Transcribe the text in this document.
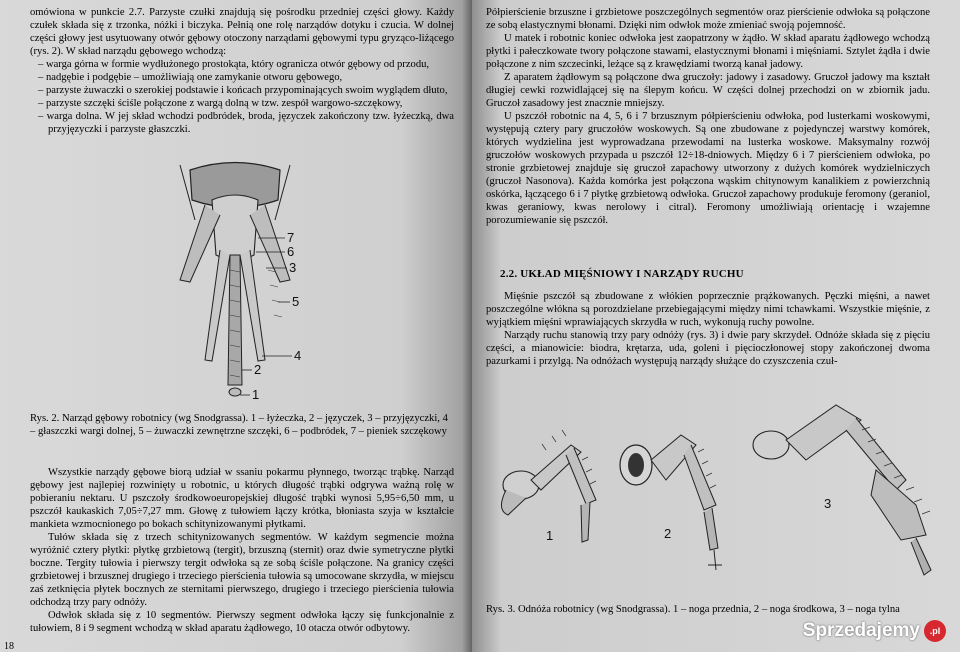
omówiona w punkcie 2.7. Parzyste czułki znajdują się pośrodku przedniej części głowy. Każdy czułek składa się z trzonka, nóżki i biczyka. Pełnią one rolę narządów dotyku i czucia. W dolnej części głowy jest usytuowany otwór gębowy otoczony narządami gębowymi typu gryząco-liżącego (rys. 2). W skład narządu gębowego wchodzą:

– warga górna w formie wydłużonego prostokąta, który ogranicza otwór gębowy od przodu,
– nadgębie i podgębie – umożliwiają one zamykanie otworu gębowego,
– parzyste żuwaczki o szerokiej podstawie i końcach przypominających swoim wyglądem dłuto,
– parzyste szczęki ściśle połączone z wargą dolną w tzw. zespół wargowo-szczękowy,
– warga dolna. W jej skład wchodzi podbródek, broda, języczek zakończony tzw. łyżeczką, dwa przyjęzyczki i parzyste głaszczki.
7
6
3
5
4
2
1
Rys. 2. Narząd gębowy robotnicy (wg Snodgrassa). 1 – łyżeczka, 2 – języczek, 3 – przyjęzyczki, 4 – głaszczki wargi dolnej, 5 – żuwaczki zewnętrzne szczęki, 6 – podbródek, 7 – pieniek szczękowy

Wszystkie narządy gębowe biorą udział w ssaniu pokarmu płynnego, tworząc trąbkę. Narząd gębowy jest najlepiej rozwinięty u robotnic, u których długość trąbki odgrywa ważną rolę w pobieraniu nektaru. U pszczoły środkowoeuropejskiej długość trąbki wynosi 5,95÷6,50 mm, u pszczół kaukaskich 7,05÷7,27 mm. Głowę z tułowiem łączy krótka, błoniasta szyja w kształcie mankieta wzmocnionego po bokach schitynizowanymi płytkami.

Tułów składa się z trzech schitynizowanych segmentów. W każdym segmencie można wyróżnić cztery płytki: płytkę grzbietową (tergit), brzuszną (sternit) oraz dwie symetryczne płytki boczne. Tergity tułowia i pierwszy tergit odwłoka są ze sobą ściśle połączone. Na granicy części grzbietowej i brzusznej drugiego i trzeciego pierścienia tułowia są umocowane skrzydła, w miejscu zaś zetknięcia płytek bocznych ze sternitami pierwszego, drugiego i trzeciego pierścienia tułowia odchodzą trzy pary odnóży.

Odwłok składa się z 10 segmentów. Pierwszy segment odwłoka łączy się funkcjonalnie z tułowiem, 8 i 9 segment wchodzą w skład aparatu żądłowego, 10 otacza otwór odbytowy.

18

Półpierścienie brzuszne i grzbietowe poszczególnych segmentów oraz pierścienie odwłoka są połączone ze sobą elastycznymi błonami. Dzięki nim odwłok może zmieniać swoją pojemność.

U matek i robotnic koniec odwłoka jest zaopatrzony w żądło. W skład aparatu żądłowego wchodzą płytki i pałeczkowate twory połączone stawami, elastycznymi błonami i mięśniami. Sztylet żądła i dwie połączone z nim szczecinki, leżące są z krawędziami tworzą kanał jadowy.

Z aparatem żądłowym są połączone dwa gruczoły: jadowy i zasadowy. Gruczoł jadowy ma kształt długiej cewki rozwidlającej się na ślepym końcu. W części dolnej przechodzi on w zbiornik jadu. Gruczoł zasadowy jest znacznie mniejszy.

U pszczół robotnic na 4, 5, 6 i 7 brzusznym półpierścieniu odwłoka, pod lusterkami woskowymi, występują cztery pary gruczołów woskowych. Są one zbudowane z pojedynczej warstwy komórek, których wydzielina jest wyprowadzana przewodami na lusterka woskowe. Maksymalny rozwój gruczołów woskowych przypada u pszczół 12÷18-dniowych. Między 6 i 7 pierścieniem odwłoka, po stronie grzbietowej znajduje się gruczoł zapachowy utworzony z dużych komórek wydzielniczych (gruczoł Nasonova). Każda komórka jest połączona wąskim chitynowym kanalikiem z powierzchnią oskórka, łączącego 6 i 7 płytkę grzbietową odwłoka. Gruczoł zapachowy produkuje feromony (geraniol, kwas geraniowy, kwas nerolowy i citral). Feromony umożliwiają orientację i wzajemne porozumiewanie się pszczół.

2.2. UKŁAD MIĘŚNIOWY I NARZĄDY RUCHU

Mięśnie pszczół są zbudowane z włókien poprzecznie prążkowanych. Pęczki mięśni, a nawet poszczególne włókna są porozdzielane przebiegającymi między nimi tchawkami. Wszystkie mięśnie, z wyjątkiem mięśni wprawiających skrzydła w ruch, wykonują ruchy powolne.

Narządy ruchu stanowią trzy pary odnóży (rys. 3) i dwie pary skrzydeł. Odnóże składa się z pięciu części, a mianowicie: biodra, krętarza, uda, goleni i pięcioczłonowej stopy zakończonej dwoma pazurkami i przylgą. Na odnóżach występują narządy służące do czyszczenia czuł-

1	2
3
Rys. 3. Odnóża robotnicy (wg Snodgrassa). 1 – noga przednia, 2 – noga środkowa, 3 – noga tylna
Sprzedajemy	.pl
